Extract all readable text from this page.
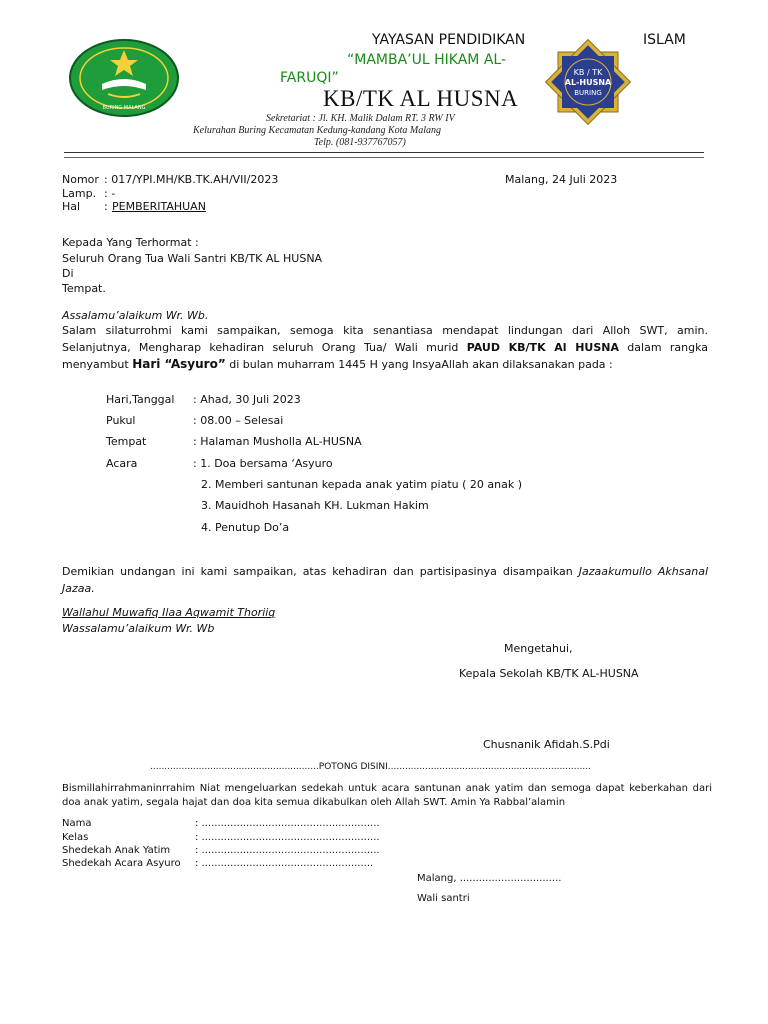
BURING MALANG
YAYASAN PENDIDIKAN	ISLAM
“MAMBA’UL HIKAM AL-
FARUQI”
KB/TK AL HUSNA
Sekretariat : Jl. KH. Malik Dalam RT. 3 RW IV
Kelurahan Buring Kecamatan Kedung-kandang Kota Malang
Telp. (081-937767057)
KB / TK
AL-HUSNA
BURING
Nomor : 017/YPI.MH/KB.TK.AH/VII/2023
Lamp. : -
Hal : PEMBERITAHUAN
Malang, 24 Juli 2023
Kepada Yang Terhormat :
Seluruh Orang Tua Wali Santri KB/TK AL HUSNA
Di
Tempat.
Assalamu’alaikum Wr. Wb.
Salam silaturrohmi kami sampaikan, semoga kita senantiasa mendapat lindungan dari Alloh SWT, amin. Selanjutnya, Mengharap kehadiran seluruh Orang Tua/ Wali murid PAUD KB/TK Al HUSNA dalam rangka menyambut Hari “Asyuro” di bulan muharram 1445 H yang InsyaAllah akan dilaksanakan pada :
Hari,Tanggal : Ahad, 30 Juli 2023
Pukul	: 08.00 – Selesai
Tempat	: Halaman Musholla AL-HUSNA
Acara	: 1. Doa bersama ‘Asyuro
2. Memberi santunan kepada anak yatim piatu ( 20 anak )
3. Mauidhoh Hasanah KH. Lukman Hakim
4. Penutup Do’a
Demikian undangan ini kami sampaikan, atas kehadiran dan partisipasinya disampaikan Jazaakumullo Akhsanal Jazaa.
Wallahul Muwafiq Ilaa Aqwamit Thoriiq
Wassalamu’alaikum Wr. Wb
Mengetahui,
Kepala Sekolah KB/TK AL-HUSNA
Chusnanik Afidah.S.Pdi
...........................................................POTONG DISINI.......................................................................
Bismillahirrahmaninrrahim Niat mengeluarkan sedekah untuk acara santunan anak yatim dan semoga dapat keberkahan dari doa anak yatim, segala hajat dan doa kita semua dikabulkan oleh Allah SWT. Amin Ya Rabbal’alamin
Nama	: ........................................................
Kelas	: ........................................................
Shedekah Anak Yatim : ........................................................
Shedekah Acara Asyuro : ......................................................
Malang, ................................
Wali santri
